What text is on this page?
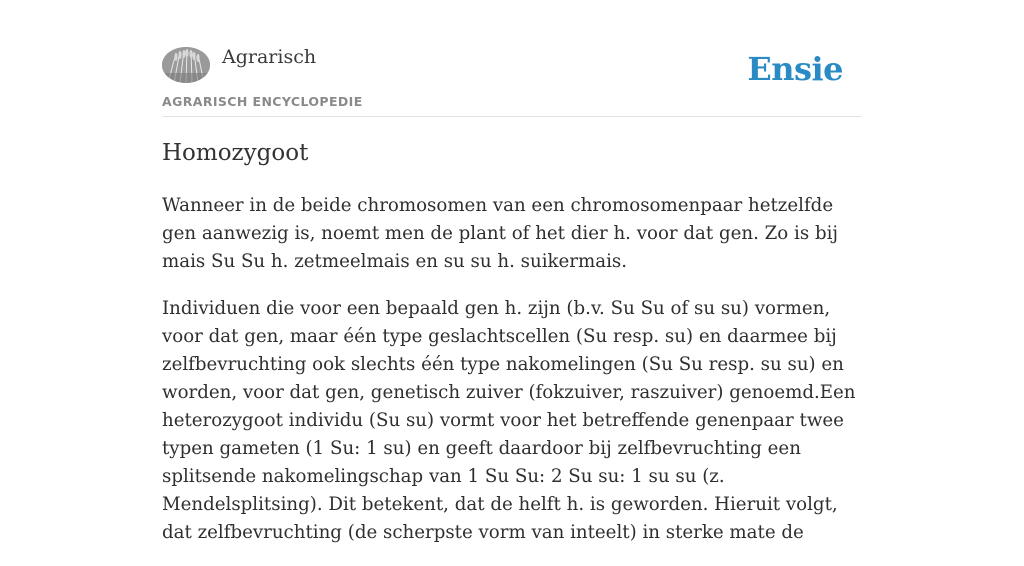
Agrarisch
AGRARISCH ENCYCLOPEDIE
Ensie
Homozygoot

Wanneer in de beide chromosomen van een chromosomenpaar hetzelfde gen aanwezig is, noemt men de plant of het dier h. voor dat gen. Zo is bij mais Su Su h. zetmeelmais en su su h. suikermais.

Individuen die voor een bepaald gen h. zijn (b.v. Su Su of su su) vormen, voor dat gen, maar één type geslachtscellen (Su resp. su) en daarmee bij zelfbevruchting ook slechts één type nakomelingen (Su Su resp. su su) en worden, voor dat gen, genetisch zuiver (fokzuiver, raszuiver) genoemd.Een heterozygoot individu (Su su) vormt voor het betreffende genenpaar twee typen gameten (1 Su: 1 su) en geeft daardoor bij zelfbevruchting een splitsende nakomelingschap van 1 Su Su: 2 Su su: 1 su su (z. Mendelsplitsing). Dit betekent, dat de helft h. is geworden. Hieruit volgt, dat zelfbevruchting (de scherpste vorm van inteelt) in sterke mate de
